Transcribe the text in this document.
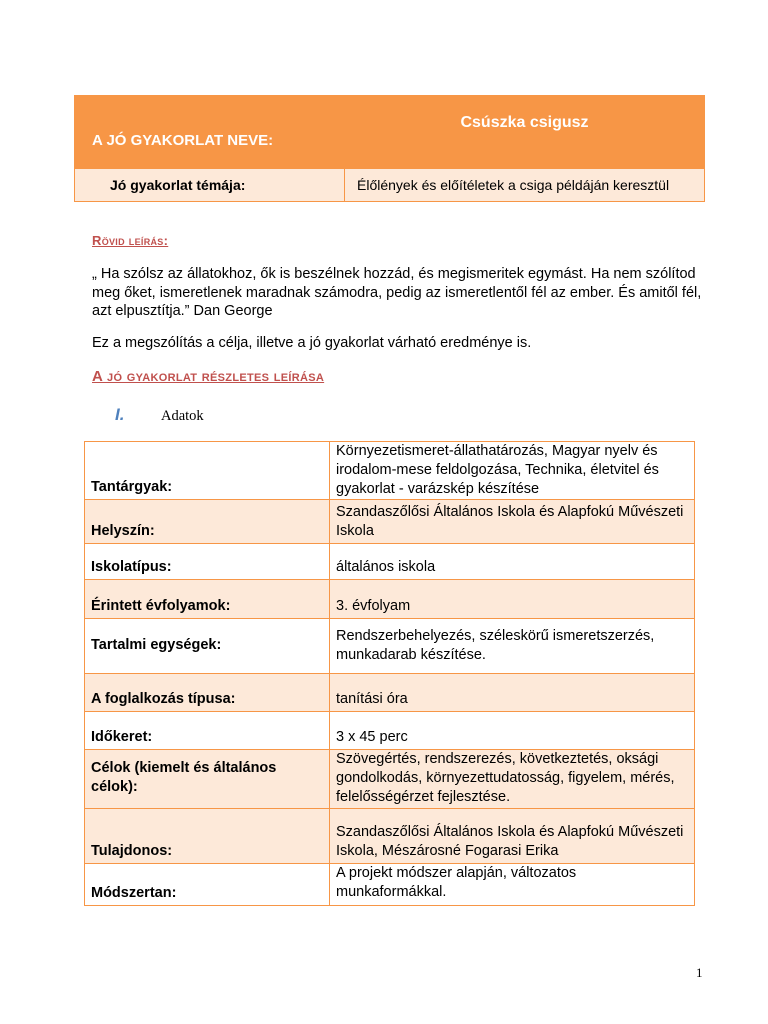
A JÓ GYAKORLAT NEVE:	Csúszka csigusz
Jó gyakorlat témája:	Élőlények és előítéletek a csiga példáján keresztül
Rövid leírás:
„ Ha szólsz az állatokhoz, ők is beszélnek hozzád, és megismeritek egymást. Ha nem szólítod meg őket, ismeretlenek maradnak számodra, pedig az ismeretlentől fél az ember. És amitől fél, azt elpusztítja.” Dan George
Ez a megszólítás a célja, illetve a jó gyakorlat várható eredménye is.
A jó gyakorlat részletes leírása
I.	Adatok
Tantárgyak:	Környezetismeret-állathatározás, Magyar nyelv és irodalom-mese feldolgozása, Technika, életvitel és gyakorlat - varázskép készítése
Helyszín:	Szandaszőlősi Általános Iskola és Alapfokú Művészeti Iskola
Iskolatípus:	általános iskola
Érintett évfolyamok:	3. évfolyam
Tartalmi egységek:	Rendszerbehelyezés, széleskörű ismeretszerzés, munkadarab készítése.
A foglalkozás típusa:	tanítási óra
Időkeret:	3 x 45 perc
Célok (kiemelt és általános célok):	Szövegértés, rendszerezés, következtetés, oksági gondolkodás, környezettudatosság, figyelem, mérés, felelősségérzet fejlesztése.
Tulajdonos:	Szandaszőlősi Általános Iskola és Alapfokú Művészeti Iskola, Mészárosné Fogarasi Erika
Módszertan:	A projekt módszer alapján, változatos munkaformákkal.
1
